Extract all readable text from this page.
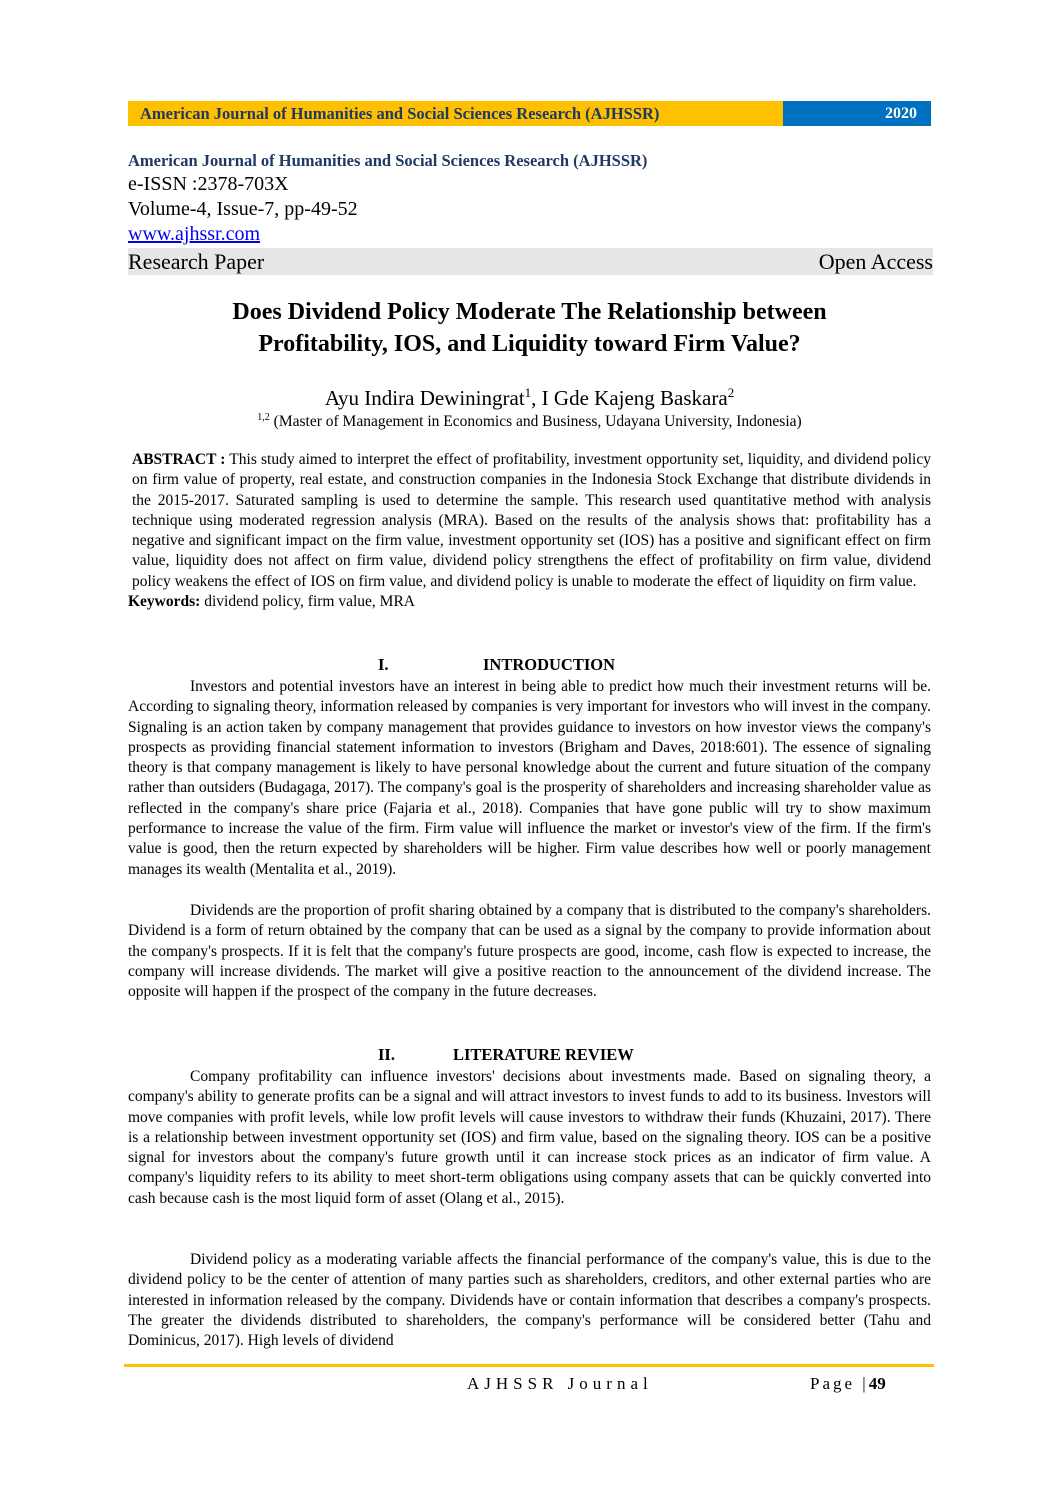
American Journal of Humanities and Social Sciences Research (AJHSSR)	2020
American Journal of Humanities and Social Sciences Research (AJHSSR)
e-ISSN :2378-703X
Volume-4, Issue-7, pp-49-52
www.ajhssr.com
Research Paper	Open Access
Does Dividend Policy Moderate The Relationship between
Profitability, IOS, and Liquidity toward Firm Value?
Ayu Indira Dewiningrat$^1$, I Gde Kajeng Baskara$^2$
$^{1,2}$ (Master of Management in Economics and Business, Udayana University, Indonesia)
ABSTRACT : This study aimed to interpret the effect of profitability, investment opportunity set, liquidity, and dividend policy on firm value of property, real estate, and construction companies in the Indonesia Stock Exchange that distribute dividends in the 2015-2017. Saturated sampling is used to determine the sample. This research used quantitative method with analysis technique using moderated regression analysis (MRA). Based on the results of the analysis shows that: profitability has a negative and significant impact on the firm value, investment opportunity set (IOS) has a positive and significant effect on firm value, liquidity does not affect on firm value, dividend policy strengthens the effect of profitability on firm value, dividend policy weakens the effect of IOS on firm value, and dividend policy is unable to moderate the effect of liquidity on firm value.
Keywords: dividend policy, firm value, MRA
I.	INTRODUCTION
Investors and potential investors have an interest in being able to predict how much their investment returns will be. According to signaling theory, information released by companies is very important for investors who will invest in the company. Signaling is an action taken by company management that provides guidance to investors on how investor views the company's prospects as providing financial statement information to investors (Brigham and Daves, 2018:601). The essence of signaling theory is that company management is likely to have personal knowledge about the current and future situation of the company rather than outsiders (Budagaga, 2017). The company's goal is the prosperity of shareholders and increasing shareholder value as reflected in the company's share price (Fajaria et al., 2018). Companies that have gone public will try to show maximum performance to increase the value of the firm. Firm value will influence the market or investor's view of the firm. If the firm's value is good, then the return expected by shareholders will be higher. Firm value describes how well or poorly management manages its wealth (Mentalita et al., 2019).
Dividends are the proportion of profit sharing obtained by a company that is distributed to the company's shareholders. Dividend is a form of return obtained by the company that can be used as a signal by the company to provide information about the company's prospects. If it is felt that the company's future prospects are good, income, cash flow is expected to increase, the company will increase dividends. The market will give a positive reaction to the announcement of the dividend increase. The opposite will happen if the prospect of the company in the future decreases.
II.	LITERATURE REVIEW
Company profitability can influence investors' decisions about investments made. Based on signaling theory, a company's ability to generate profits can be a signal and will attract investors to invest funds to add to its business. Investors will move companies with profit levels, while low profit levels will cause investors to withdraw their funds (Khuzaini, 2017). There is a relationship between investment opportunity set (IOS) and firm value, based on the signaling theory. IOS can be a positive signal for investors about the company's future growth until it can increase stock prices as an indicator of firm value. A company's liquidity refers to its ability to meet short-term obligations using company assets that can be quickly converted into cash because cash is the most liquid form of asset (Olang et al., 2015).
Dividend policy as a moderating variable affects the financial performance of the company's value, this is due to the dividend policy to be the center of attention of many parties such as shareholders, creditors, and other external parties who are interested in information released by the company. Dividends have or contain information that describes a company's prospects. The greater the dividends distributed to shareholders, the company's performance will be considered better (Tahu and Dominicus, 2017). High levels of dividend
AJHSSR Journal	Page |49
